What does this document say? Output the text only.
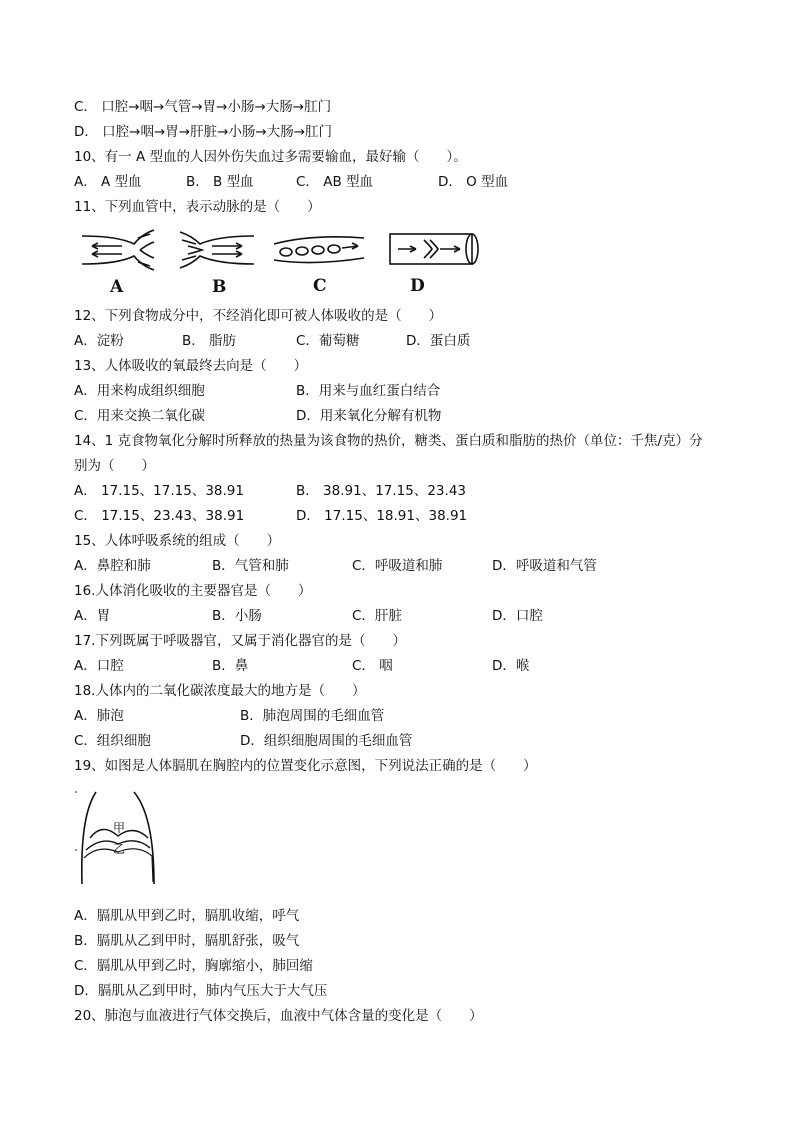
C． 口腔→咽→气管→胃→小肠→大肠→肛门
D． 口腔→咽→胃→肝脏→小肠→大肠→肛门
10、有一 A 型血的人因外伤失血过多需要输血，最好输（　　）。
A． A 型血	B． B 型血	C． AB 型血	D． O 型血
11、下列血管中，表示动脉的是（　　）
A	B	C	D
12、下列食物成分中，不经消化即可被人体吸收的是（　　）
A．淀粉	B． 脂肪	C．葡萄糖	D．蛋白质
13、人体吸收的氧最终去向是（　　）
A．用来构成组织细胞	B．用来与血红蛋白结合
C．用来交换二氧化碳	D．用来氧化分解有机物
14、1 克食物氧化分解时所释放的热量为该食物的热价，糖类、蛋白质和脂肪的热价（单位：千焦/克）分
别为（　　）
A． 17.15、17.15、38.91	B． 38.91、17.15、23.43
C． 17.15、23.43、38.91	D． 17.15、18.91、38.91
15、人体呼吸系统的组成（　　）
A．鼻腔和肺	B．气管和肺	C．呼吸道和肺	D．呼吸道和气管
16.人体消化吸收的主要器官是（　　）
A．胃	B．小肠	C．肝脏	D．口腔
17.下列既属于呼吸器官，又属于消化器官的是（　　）
A．口腔	B．鼻	C． 咽	D．喉
18.人体内的二氧化碳浓度最大的地方是（　　）
A．肺泡	B．肺泡周围的毛细血管
C．组织细胞	D．组织细胞周围的毛细血管
19、如图是人体膈肌在胸腔内的位置变化示意图，下列说法正确的是（　　）
甲
乙
A．膈肌从甲到乙时，膈肌收缩，呼气
B．膈肌从乙到甲时，膈肌舒张，吸气
C．膈肌从甲到乙时，胸廓缩小，肺回缩
D．膈肌从乙到甲时，肺内气压大于大气压
20、肺泡与血液进行气体交换后，血液中气体含量的变化是（　　）
